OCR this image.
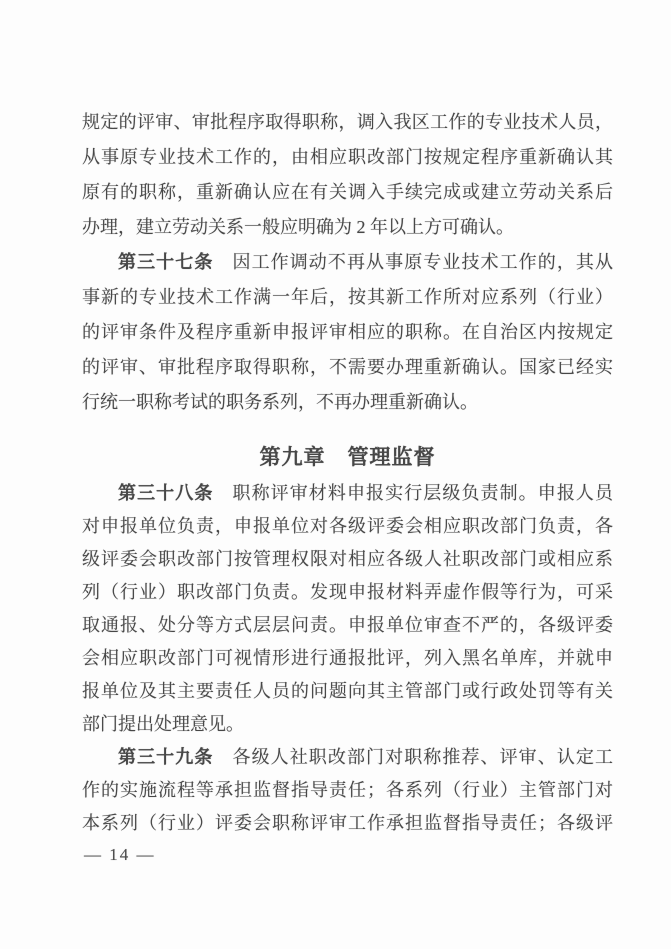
规定的评审、审批程序取得职称，调入我区工作的专业技术人员，
从事原专业技术工作的，由相应职改部门按规定程序重新确认其
原有的职称，重新确认应在有关调入手续完成或建立劳动关系后
办理，建立劳动关系一般应明确为 2 年以上方可确认。

第三十七条　因工作调动不再从事原专业技术工作的，其从
事新的专业技术工作满一年后，按其新工作所对应系列（行业）
的评审条件及程序重新申报评审相应的职称。在自治区内按规定
的评审、审批程序取得职称，不需要办理重新确认。国家已经实
行统一职称考试的职务系列，不再办理重新确认。

第九章　管理监督

第三十八条　职称评审材料申报实行层级负责制。申报人员
对申报单位负责，申报单位对各级评委会相应职改部门负责，各
级评委会职改部门按管理权限对相应各级人社职改部门或相应系
列（行业）职改部门负责。发现申报材料弄虚作假等行为，可采
取通报、处分等方式层层问责。申报单位审查不严的，各级评委
会相应职改部门可视情形进行通报批评，列入黑名单库，并就申
报单位及其主要责任人员的问题向其主管部门或行政处罚等有关
部门提出处理意见。

第三十九条　各级人社职改部门对职称推荐、评审、认定工
作的实施流程等承担监督指导责任；各系列（行业）主管部门对
本系列（行业）评委会职称评审工作承担监督指导责任；各级评

— 14 —
